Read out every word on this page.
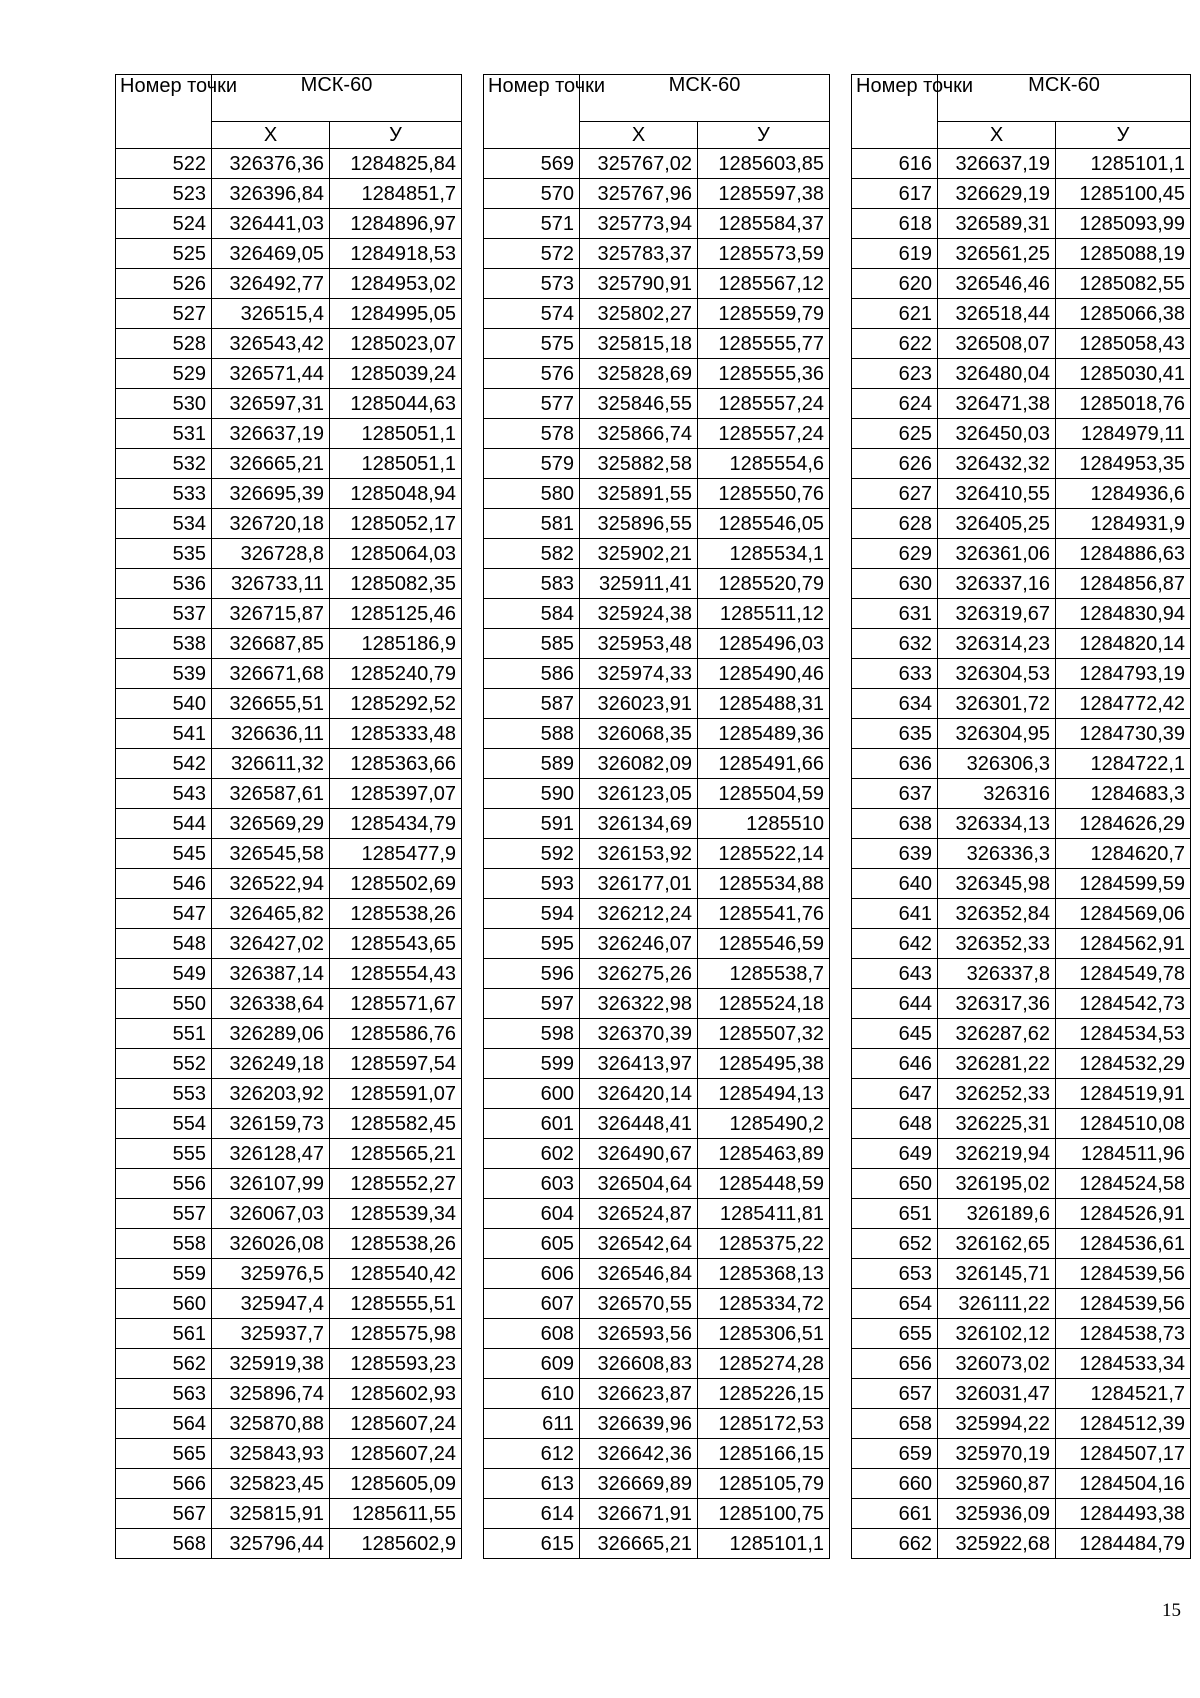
Номер точки	МСК-60	
	Х	У
522	326376,36	1284825,84
523	326396,84	1284851,7
524	326441,03	1284896,97
525	326469,05	1284918,53
526	326492,77	1284953,02
527	326515,4	1284995,05
528	326543,42	1285023,07
529	326571,44	1285039,24
530	326597,31	1285044,63
531	326637,19	1285051,1
532	326665,21	1285051,1
533	326695,39	1285048,94
534	326720,18	1285052,17
535	326728,8	1285064,03
536	326733,11	1285082,35
537	326715,87	1285125,46
538	326687,85	1285186,9
539	326671,68	1285240,79
540	326655,51	1285292,52
541	326636,11	1285333,48
542	326611,32	1285363,66
543	326587,61	1285397,07
544	326569,29	1285434,79
545	326545,58	1285477,9
546	326522,94	1285502,69
547	326465,82	1285538,26
548	326427,02	1285543,65
549	326387,14	1285554,43
550	326338,64	1285571,67
551	326289,06	1285586,76
552	326249,18	1285597,54
553	326203,92	1285591,07
554	326159,73	1285582,45
555	326128,47	1285565,21
556	326107,99	1285552,27
557	326067,03	1285539,34
558	326026,08	1285538,26
559	325976,5	1285540,42
560	325947,4	1285555,51
561	325937,7	1285575,98
562	325919,38	1285593,23
563	325896,74	1285602,93
564	325870,88	1285607,24
565	325843,93	1285607,24
566	325823,45	1285605,09
567	325815,91	1285611,55
568	325796,44	1285602,9
Номер точки	МСК-60	
	Х	У
569	325767,02	1285603,85
570	325767,96	1285597,38
571	325773,94	1285584,37
572	325783,37	1285573,59
573	325790,91	1285567,12
574	325802,27	1285559,79
575	325815,18	1285555,77
576	325828,69	1285555,36
577	325846,55	1285557,24
578	325866,74	1285557,24
579	325882,58	1285554,6
580	325891,55	1285550,76
581	325896,55	1285546,05
582	325902,21	1285534,1
583	325911,41	1285520,79
584	325924,38	1285511,12
585	325953,48	1285496,03
586	325974,33	1285490,46
587	326023,91	1285488,31
588	326068,35	1285489,36
589	326082,09	1285491,66
590	326123,05	1285504,59
591	326134,69	1285510
592	326153,92	1285522,14
593	326177,01	1285534,88
594	326212,24	1285541,76
595	326246,07	1285546,59
596	326275,26	1285538,7
597	326322,98	1285524,18
598	326370,39	1285507,32
599	326413,97	1285495,38
600	326420,14	1285494,13
601	326448,41	1285490,2
602	326490,67	1285463,89
603	326504,64	1285448,59
604	326524,87	1285411,81
605	326542,64	1285375,22
606	326546,84	1285368,13
607	326570,55	1285334,72
608	326593,56	1285306,51
609	326608,83	1285274,28
610	326623,87	1285226,15
611	326639,96	1285172,53
612	326642,36	1285166,15
613	326669,89	1285105,79
614	326671,91	1285100,75
615	326665,21	1285101,1
Номер точки	МСК-60	
	Х	У
616	326637,19	1285101,1
617	326629,19	1285100,45
618	326589,31	1285093,99
619	326561,25	1285088,19
620	326546,46	1285082,55
621	326518,44	1285066,38
622	326508,07	1285058,43
623	326480,04	1285030,41
624	326471,38	1285018,76
625	326450,03	1284979,11
626	326432,32	1284953,35
627	326410,55	1284936,6
628	326405,25	1284931,9
629	326361,06	1284886,63
630	326337,16	1284856,87
631	326319,67	1284830,94
632	326314,23	1284820,14
633	326304,53	1284793,19
634	326301,72	1284772,42
635	326304,95	1284730,39
636	326306,3	1284722,1
637	326316	1284683,3
638	326334,13	1284626,29
639	326336,3	1284620,7
640	326345,98	1284599,59
641	326352,84	1284569,06
642	326352,33	1284562,91
643	326337,8	1284549,78
644	326317,36	1284542,73
645	326287,62	1284534,53
646	326281,22	1284532,29
647	326252,33	1284519,91
648	326225,31	1284510,08
649	326219,94	1284511,96
650	326195,02	1284524,58
651	326189,6	1284526,91
652	326162,65	1284536,61
653	326145,71	1284539,56
654	326111,22	1284539,56
655	326102,12	1284538,73
656	326073,02	1284533,34
657	326031,47	1284521,7
658	325994,22	1284512,39
659	325970,19	1284507,17
660	325960,87	1284504,16
661	325936,09	1284493,38
662	325922,68	1284484,79
15
